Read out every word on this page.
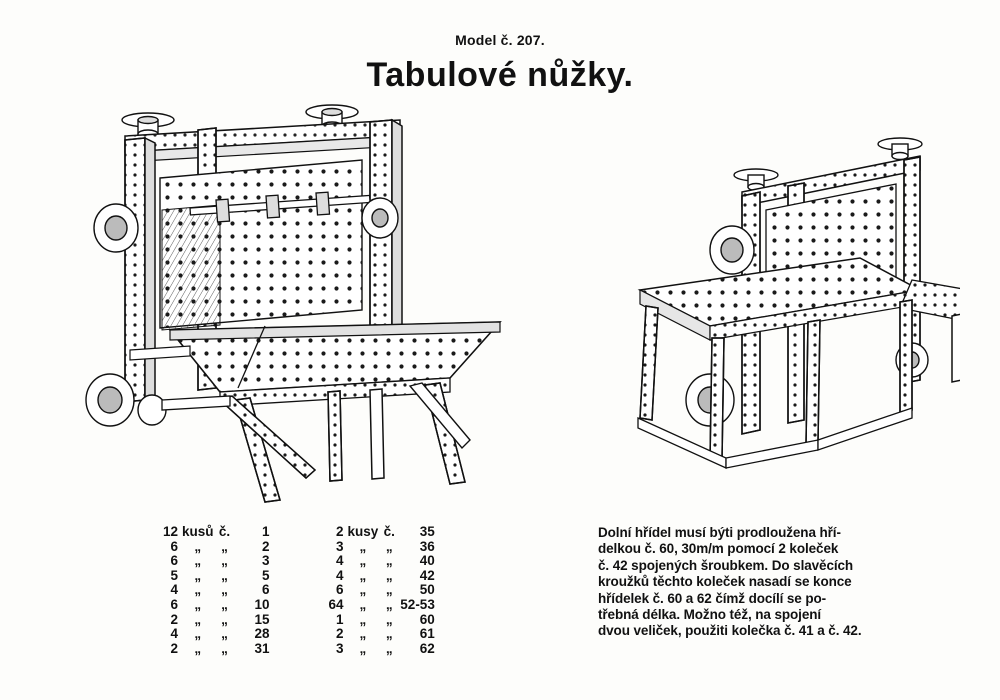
Model č. 207.
Tabulové nůžky.
12	kusů	č.	1		2	kusy	č.	35
6	„	„	2		3	„	„	36
6	„	„	3		4	„	„	40
5	„	„	5		4	„	„	42
4	„	„	6		6	„	„	50
6	„	„	10		64	„	„	52-53
2	„	„	15		1	„	„	60
4	„	„	28		2	„	„	61
2	„	„	31		3	„	„	62
Dolní hřídel musí býti prodloužena hří-
delkou č. 60, 30m/m pomocí 2 koleček
č. 42 spojených šroubkem. Do slavěcích
kroužků těchto koleček nasadí se konce
hřídelek č. 60 a 62 čímž docílí se po-
třebná délka. Možno též, na spojení
dvou veliček, použiti kolečka č. 41 a č. 42.
